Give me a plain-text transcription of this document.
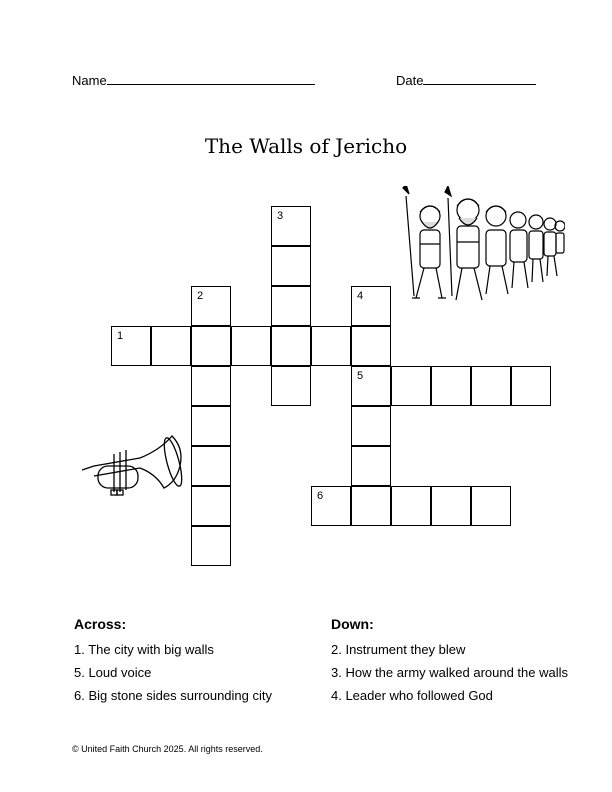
Name	Date
The Walls of Jericho
3
2	4
1
5
6
Across:
1. The city with big walls
5. Loud voice
6. Big stone sides surrounding city
Down:
2. Instrument they blew
3. How the army walked around the walls
4. Leader who followed God
© United Faith Church 2025. All rights reserved.
